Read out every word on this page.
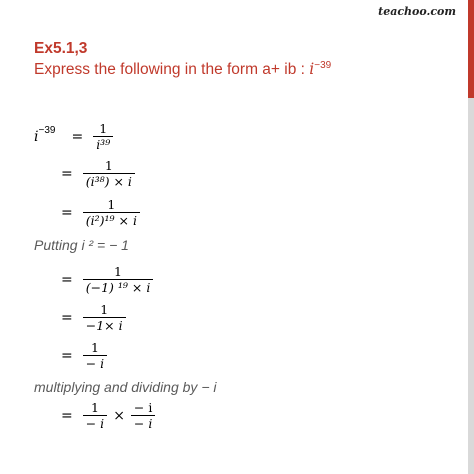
teachoo.com
Ex5.1,3
Express the following in the form a+ ib : $i^{-39}$
$i -39 = \frac{1}{\text{i³⁹}}$
= $\frac{1}{\text{(i³⁸) × i}}$
= $\frac{1}{\text{(i²)¹⁹ × i}}$
Putting i ² = − 1
= $\frac{1}{\text{(−1) ¹⁹ × i}}$
= $\frac{1}{-1\times i}$
= $\frac{1}{- i}$
multiplying and dividing by − i
= $\frac{1}{- i} \times \frac{- i}{- i}$
